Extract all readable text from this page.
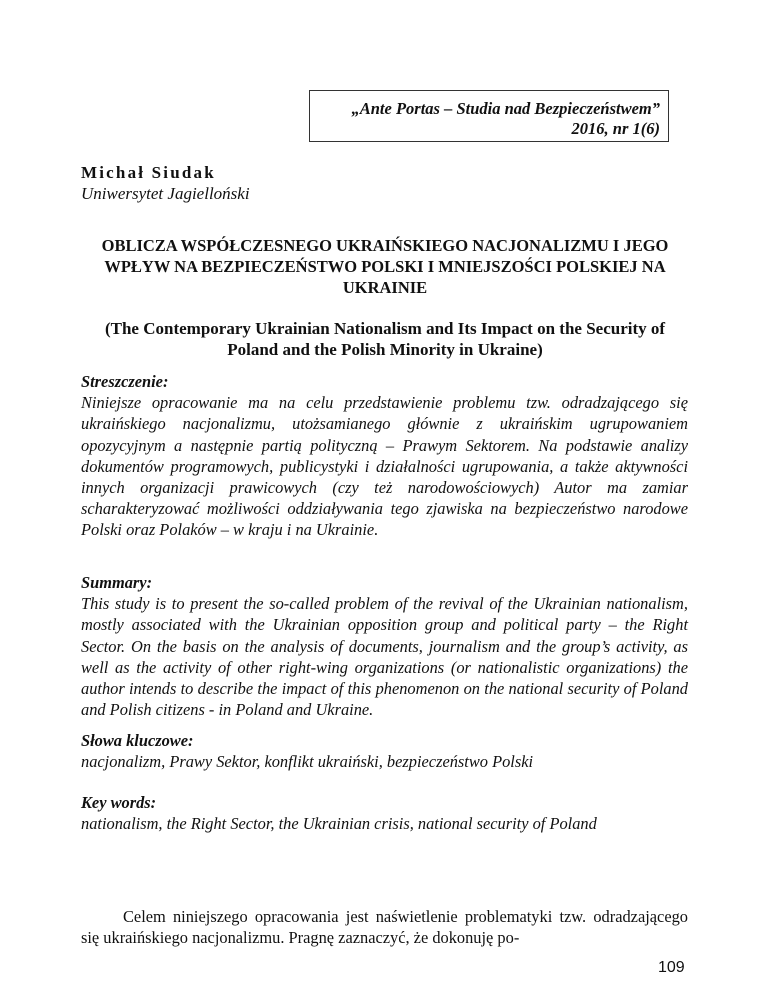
„Ante Portas – Studia nad Bezpieczeństwem”
2016, nr 1(6)
Michał Siudak
Uniwersytet Jagielloński
OBLICZA WSPÓŁCZESNEGO UKRAIŃSKIEGO NACJONALIZMU I JEGO WPŁYW NA BEZPIECZEŃSTWO POLSKI I MNIEJSZOŚCI POLSKIEJ NA UKRAINIE
(The Contemporary Ukrainian Nationalism and Its Impact on the Security of Poland and the Polish Minority in Ukraine)
Streszczenie:
Niniejsze opracowanie ma na celu przedstawienie problemu tzw. odradzającego się ukraińskiego nacjonalizmu, utożsamianego głównie z ukraińskim ugrupowaniem opozycyjnym a następnie partią polityczną – Prawym Sektorem. Na podstawie analizy dokumentów programowych, publicystyki i działalności ugrupowania, a także aktywności innych organizacji prawicowych (czy też narodowościowych) Autor ma zamiar scharakteryzować możliwości oddziaływania tego zjawiska na bezpieczeństwo narodowe Polski oraz Polaków – w kraju i na Ukrainie.
Summary:
This study is to present the so-called problem of the revival of the Ukrainian nationalism, mostly associated with the Ukrainian opposition group and political party – the Right Sector. On the basis on the analysis of documents, journalism and the group’s activity, as well as the activity of other right-wing organizations (or nationalistic organizations) the author intends to describe the impact of this phenomenon on the national security of Poland and Polish citizens - in Poland and Ukraine.
Słowa kluczowe:
nacjonalizm, Prawy Sektor, konflikt ukraiński, bezpieczeństwo Polski
Key words:
nationalism, the Right Sector, the Ukrainian crisis, national security of Poland
Celem niniejszego opracowania jest naświetlenie problematyki tzw. odradzającego się ukraińskiego nacjonalizmu. Pragnę zaznaczyć, że dokonuję po-
109
